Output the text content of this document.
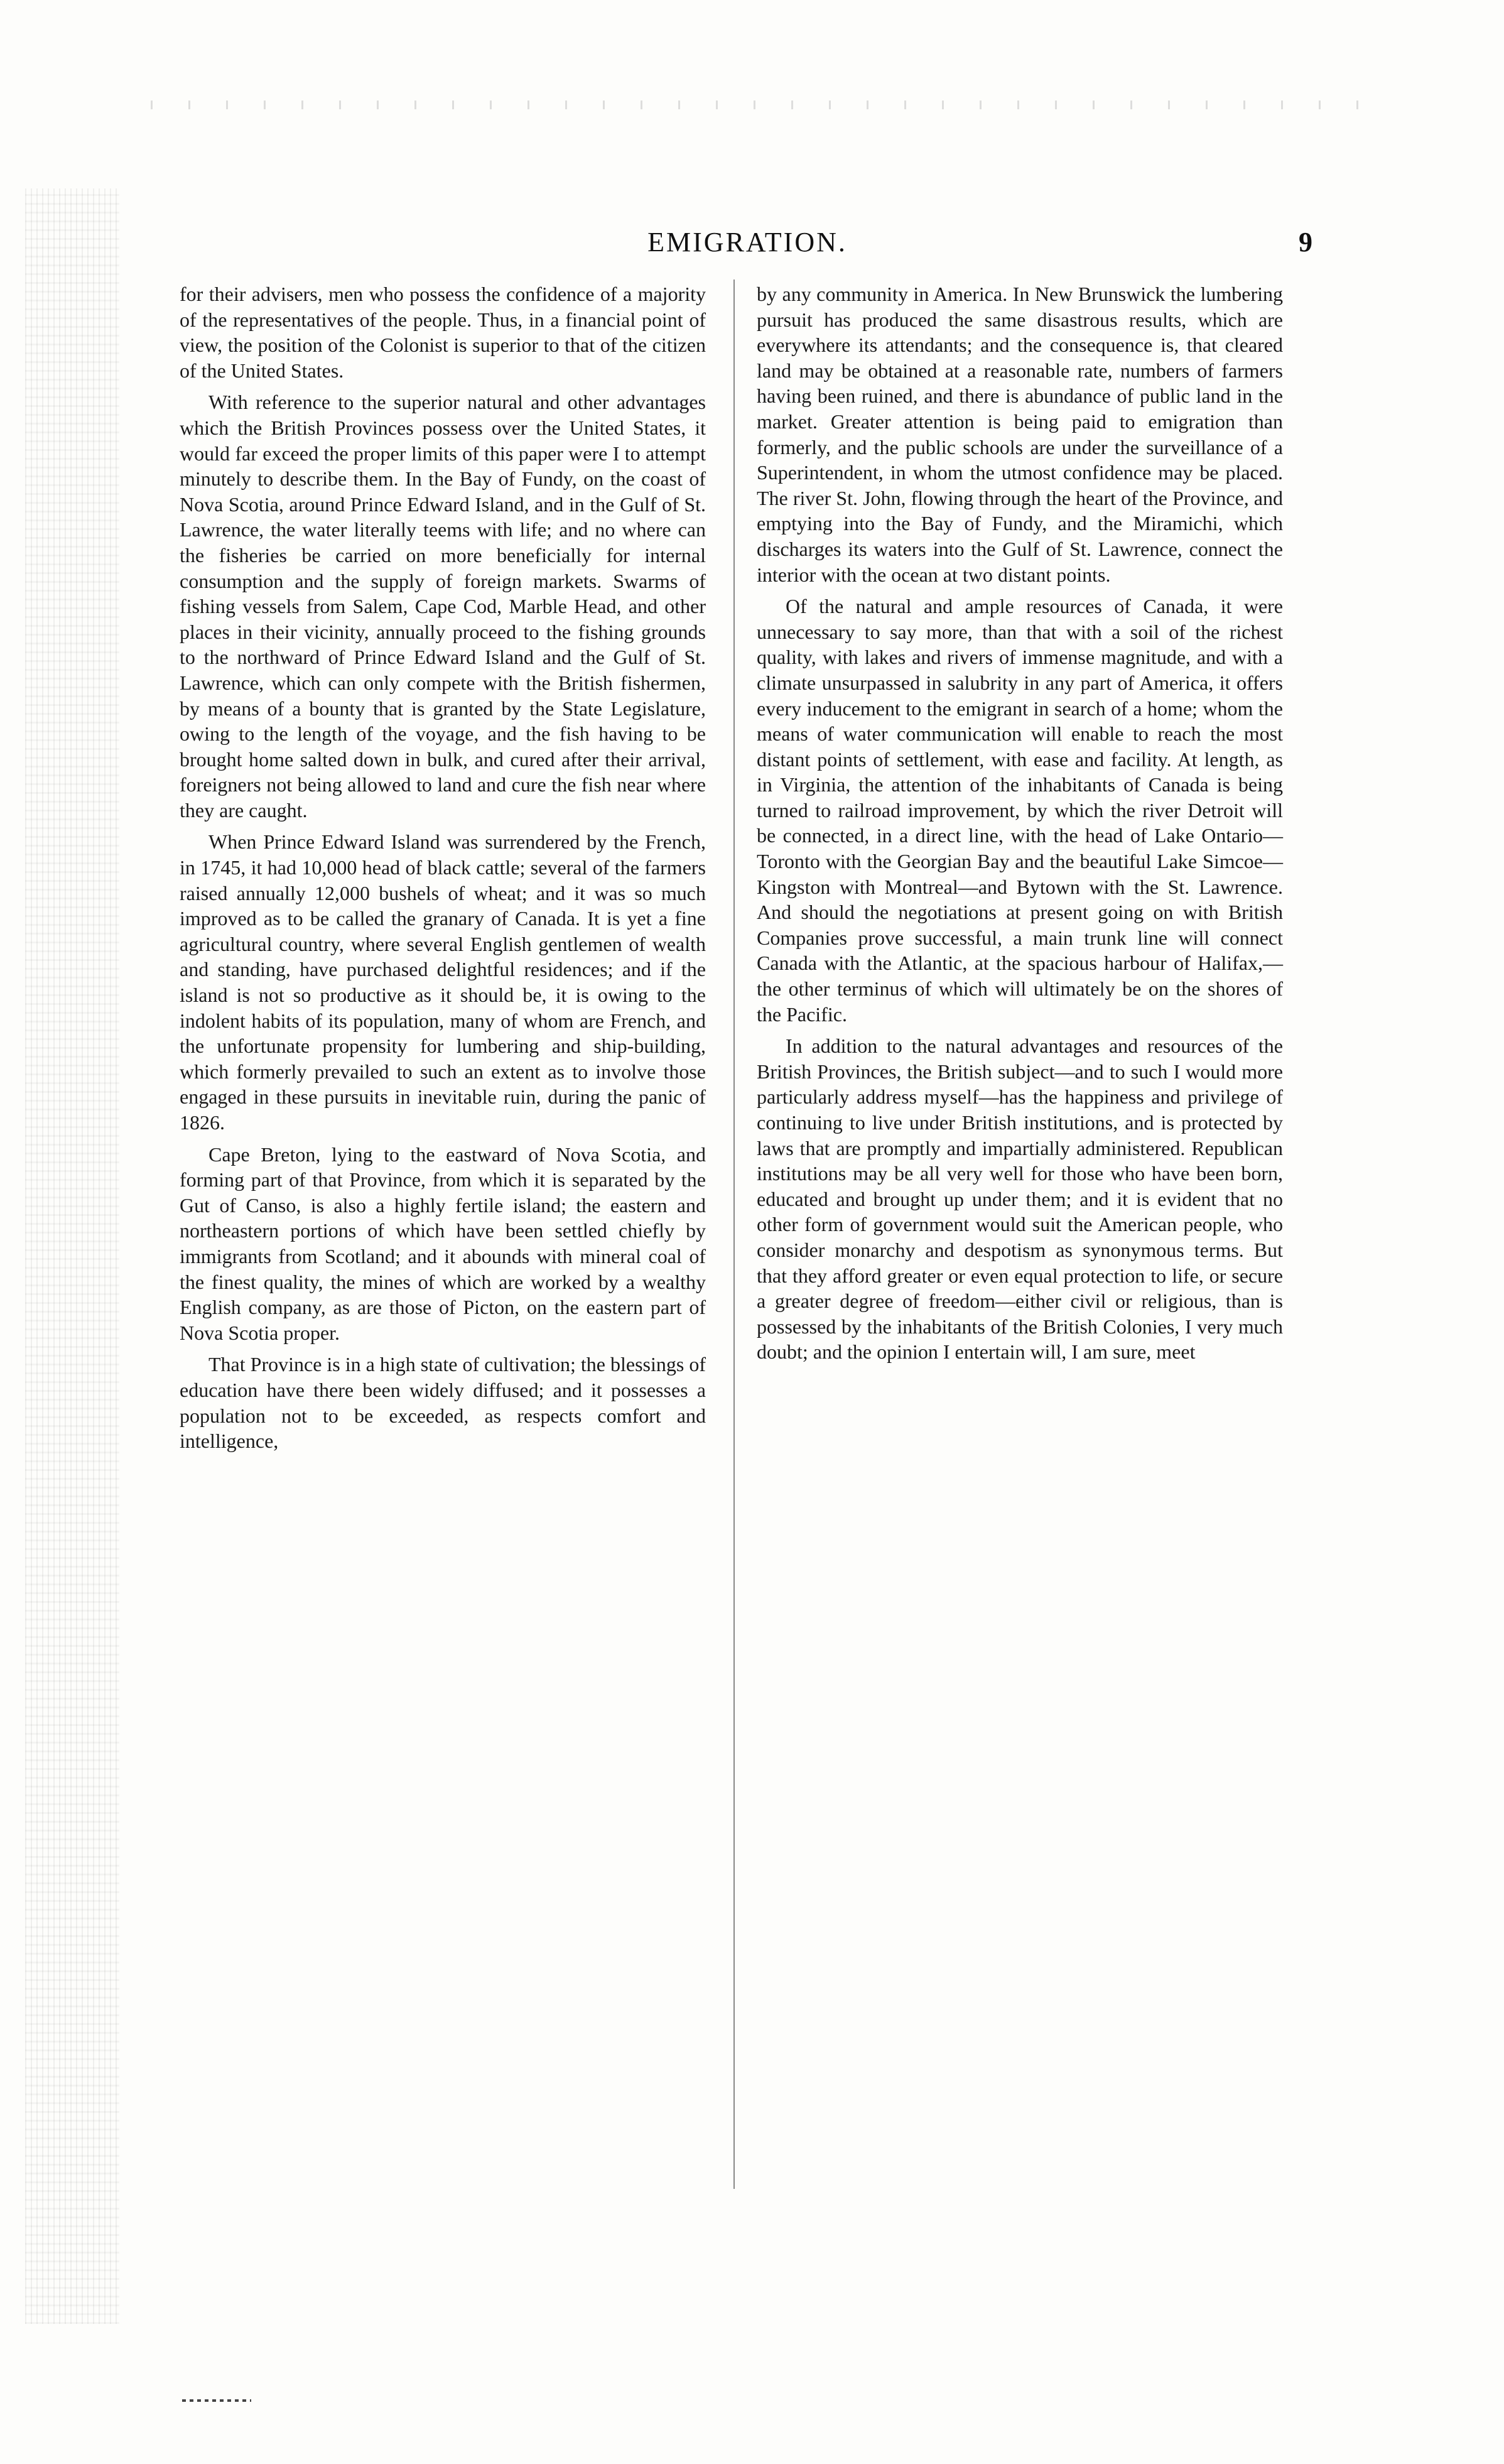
EMIGRATION.	9

for their advisers, men who possess the confidence of a majority of the representatives of the people. Thus, in a financial point of view, the position of the Colonist is superior to that of the citizen of the United States.

With reference to the superior natural and other advantages which the British Provinces possess over the United States, it would far exceed the proper limits of this paper were I to attempt minutely to describe them. In the Bay of Fundy, on the coast of Nova Scotia, around Prince Edward Island, and in the Gulf of St. Lawrence, the water literally teems with life; and no where can the fisheries be carried on more beneficially for internal consumption and the supply of foreign markets. Swarms of fishing vessels from Salem, Cape Cod, Marble Head, and other places in their vicinity, annually proceed to the fishing grounds to the northward of Prince Edward Island and the Gulf of St. Lawrence, which can only compete with the British fishermen, by means of a bounty that is granted by the State Legislature, owing to the length of the voyage, and the fish having to be brought home salted down in bulk, and cured after their arrival, foreigners not being allowed to land and cure the fish near where they are caught.

When Prince Edward Island was surrendered by the French, in 1745, it had 10,000 head of black cattle; several of the farmers raised annually 12,000 bushels of wheat; and it was so much improved as to be called the granary of Canada. It is yet a fine agricultural country, where several English gentlemen of wealth and standing, have purchased delightful residences; and if the island is not so productive as it should be, it is owing to the indolent habits of its population, many of whom are French, and the unfortunate propensity for lumbering and ship-building, which formerly prevailed to such an extent as to involve those engaged in these pursuits in inevitable ruin, during the panic of 1826.

Cape Breton, lying to the eastward of Nova Scotia, and forming part of that Province, from which it is separated by the Gut of Canso, is also a highly fertile island; the eastern and northeastern portions of which have been settled chiefly by immigrants from Scotland; and it abounds with mineral coal of the finest quality, the mines of which are worked by a wealthy English company, as are those of Picton, on the eastern part of Nova Scotia proper.

That Province is in a high state of cultivation; the blessings of education have there been widely diffused; and it possesses a population not to be exceeded, as respects comfort and intelligence,

by any community in America. In New Brunswick the lumbering pursuit has produced the same disastrous results, which are everywhere its attendants; and the consequence is, that cleared land may be obtained at a reasonable rate, numbers of farmers having been ruined, and there is abundance of public land in the market. Greater attention is being paid to emigration than formerly, and the public schools are under the surveillance of a Superintendent, in whom the utmost confidence may be placed. The river St. John, flowing through the heart of the Province, and emptying into the Bay of Fundy, and the Miramichi, which discharges its waters into the Gulf of St. Lawrence, connect the interior with the ocean at two distant points.

Of the natural and ample resources of Canada, it were unnecessary to say more, than that with a soil of the richest quality, with lakes and rivers of immense magnitude, and with a climate unsurpassed in salubrity in any part of America, it offers every inducement to the emigrant in search of a home; whom the means of water communication will enable to reach the most distant points of settlement, with ease and facility. At length, as in Virginia, the attention of the inhabitants of Canada is being turned to railroad improvement, by which the river Detroit will be connected, in a direct line, with the head of Lake Ontario—Toronto with the Georgian Bay and the beautiful Lake Simcoe—Kingston with Montreal—and Bytown with the St. Lawrence. And should the negotiations at present going on with British Companies prove successful, a main trunk line will connect Canada with the Atlantic, at the spacious harbour of Halifax,—the other terminus of which will ultimately be on the shores of the Pacific.

In addition to the natural advantages and resources of the British Provinces, the British subject—and to such I would more particularly address myself—has the happiness and privilege of continuing to live under British institutions, and is protected by laws that are promptly and impartially administered. Republican institutions may be all very well for those who have been born, educated and brought up under them; and it is evident that no other form of government would suit the American people, who consider monarchy and despotism as synonymous terms. But that they afford greater or even equal protection to life, or secure a greater degree of freedom—either civil or religious, than is possessed by the inhabitants of the British Colonies, I very much doubt; and the opinion I entertain will, I am sure, meet
